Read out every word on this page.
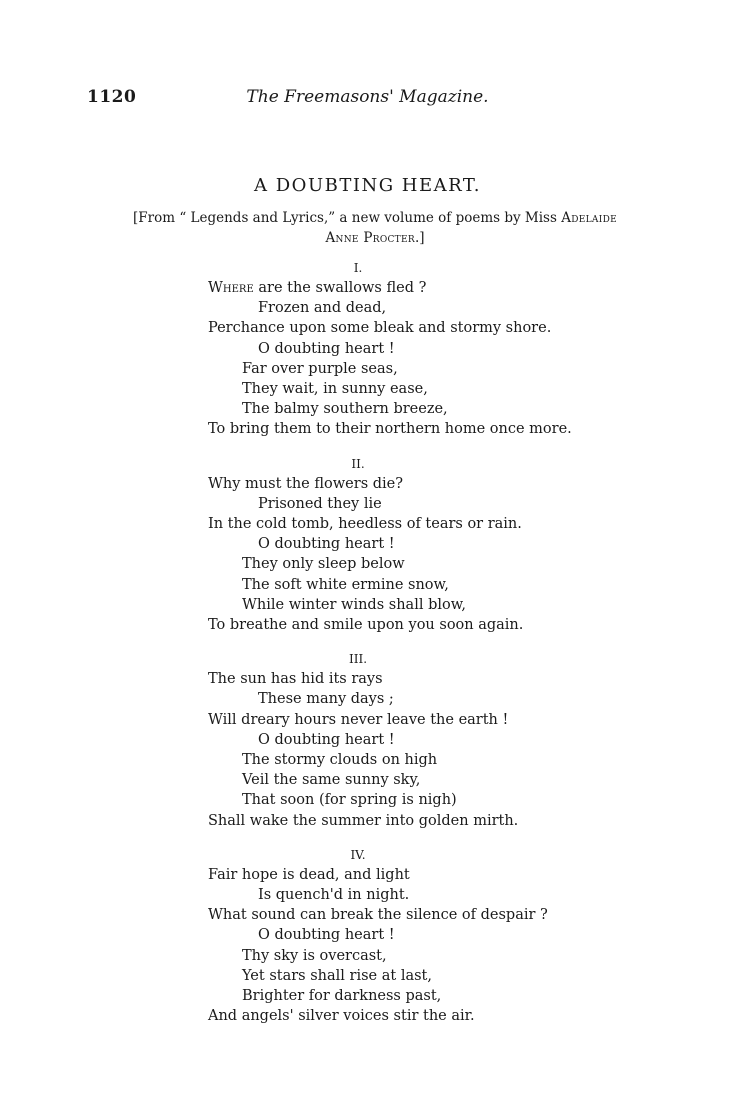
1120	The Freemasons' Magazine.
A DOUBTING HEART.
[From “ Legends and Lyrics,” a new volume of poems by Miss Adelaide
Anne Procter.]
I.
Where are the swallows fled ?
Frozen and dead,
Perchance upon some bleak and stormy shore.
O doubting heart !
Far over purple seas,
They wait, in sunny ease,
The balmy southern breeze,
To bring them to their northern home once more.
II.
Why must the flowers die?
Prisoned they lie
In the cold tomb, heedless of tears or rain.
O doubting heart !
They only sleep below
The soft white ermine snow,
While winter winds shall blow,
To breathe and smile upon you soon again.
III.
The sun has hid its rays
These many days ;
Will dreary hours never leave the earth !
O doubting heart !
The stormy clouds on high
Veil the same sunny sky,
That soon (for spring is nigh)
Shall wake the summer into golden mirth.
IV.
Fair hope is dead, and light
Is quench'd in night.
What sound can break the silence of despair ?
O doubting heart !
Thy sky is overcast,
Yet stars shall rise at last,
Brighter for darkness past,
And angels' silver voices stir the air.
